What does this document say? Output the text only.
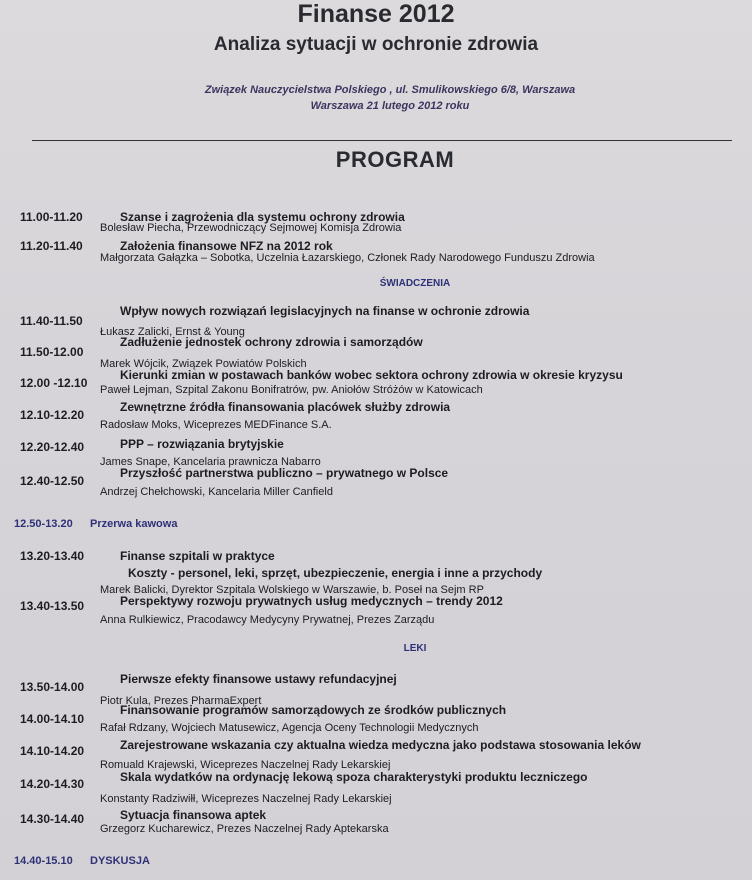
Finanse 2012
Analiza sytuacji w ochronie zdrowia
Związek Nauczycielstwa Polskiego , ul. Smulikowskiego 6/8, Warszawa
Warszawa 21 lutego 2012 roku
PROGRAM
11.00-11.20	Szanse i zagrożenia dla systemu ochrony zdrowia
Bolesław Piecha, Przewodniczący Sejmowej Komisja Zdrowia
11.20-11.40	Założenia finansowe NFZ na 2012 rok
Małgorzata Gałązka – Sobotka, Uczelnia Łazarskiego, Członek Rady Narodowego Funduszu Zdrowia
ŚWIADCZENIA
11.40-11.50
Wpływ nowych rozwiązań legislacyjnych na finanse w ochronie zdrowia
Łukasz Zalicki, Ernst & Young
11.50-12.00
Zadłużenie jednostek ochrony zdrowia i samorządów
Marek Wójcik, Związek Powiatów Polskich
12.00 -12.10
Kierunki zmian w postawach banków wobec sektora ochrony zdrowia w okresie kryzysu
Paweł Lejman, Szpital Zakonu Bonifratrów, pw. Aniołów Stróżów w Katowicach
12.10-12.20
Zewnętrzne źródła finansowania placówek służby zdrowia
Radosław Moks, Wiceprezes MEDFinance S.A.
12.20-12.40	PPP – rozwiązania brytyjskie
James Snape, Kancelaria prawnicza Nabarro
12.40-12.50
Przyszłość partnerstwa publiczno – prywatnego w Polsce
Andrzej Chełchowski, Kancelaria Miller Canfield
12.50-13.20 Przerwa kawowa
13.20-13.40	Finanse szpitali w praktyce
Koszty - personel, leki, sprzęt, ubezpieczenie, energia i inne a przychody
Marek Balicki, Dyrektor Szpitala Wolskiego w Warszawie, b. Poseł na Sejm RP
13.40-13.50	Perspektywy rozwoju prywatnych usług medycznych – trendy 2012
Anna Rulkiewicz, Pracodawcy Medycyny Prywatnej, Prezes Zarządu
LEKI
13.50-14.00
Pierwsze efekty finansowe ustawy refundacyjnej
Piotr Kula, Prezes PharmaExpert
14.00-14.10
Finansowanie programów samorządowych ze środków publicznych
Rafał Rdzany, Wojciech Matusewicz, Agencja Oceny Technologii Medycznych
14.10-14.20	Zarejestrowane wskazania czy aktualna wiedza medyczna jako podstawa stosowania leków
Romuald Krajewski, Wiceprezes Naczelnej Rady Lekarskiej
14.20-14.30	Skala wydatków na ordynację lekową spoza charakterystyki produktu leczniczego
Konstanty Radziwiłł, Wiceprezes Naczelnej Rady Lekarskiej
14.30-14.40	Sytuacja finansowa aptek
Grzegorz Kucharewicz, Prezes Naczelnej Rady Aptekarska
14.40-15.10 DYSKUSJA
